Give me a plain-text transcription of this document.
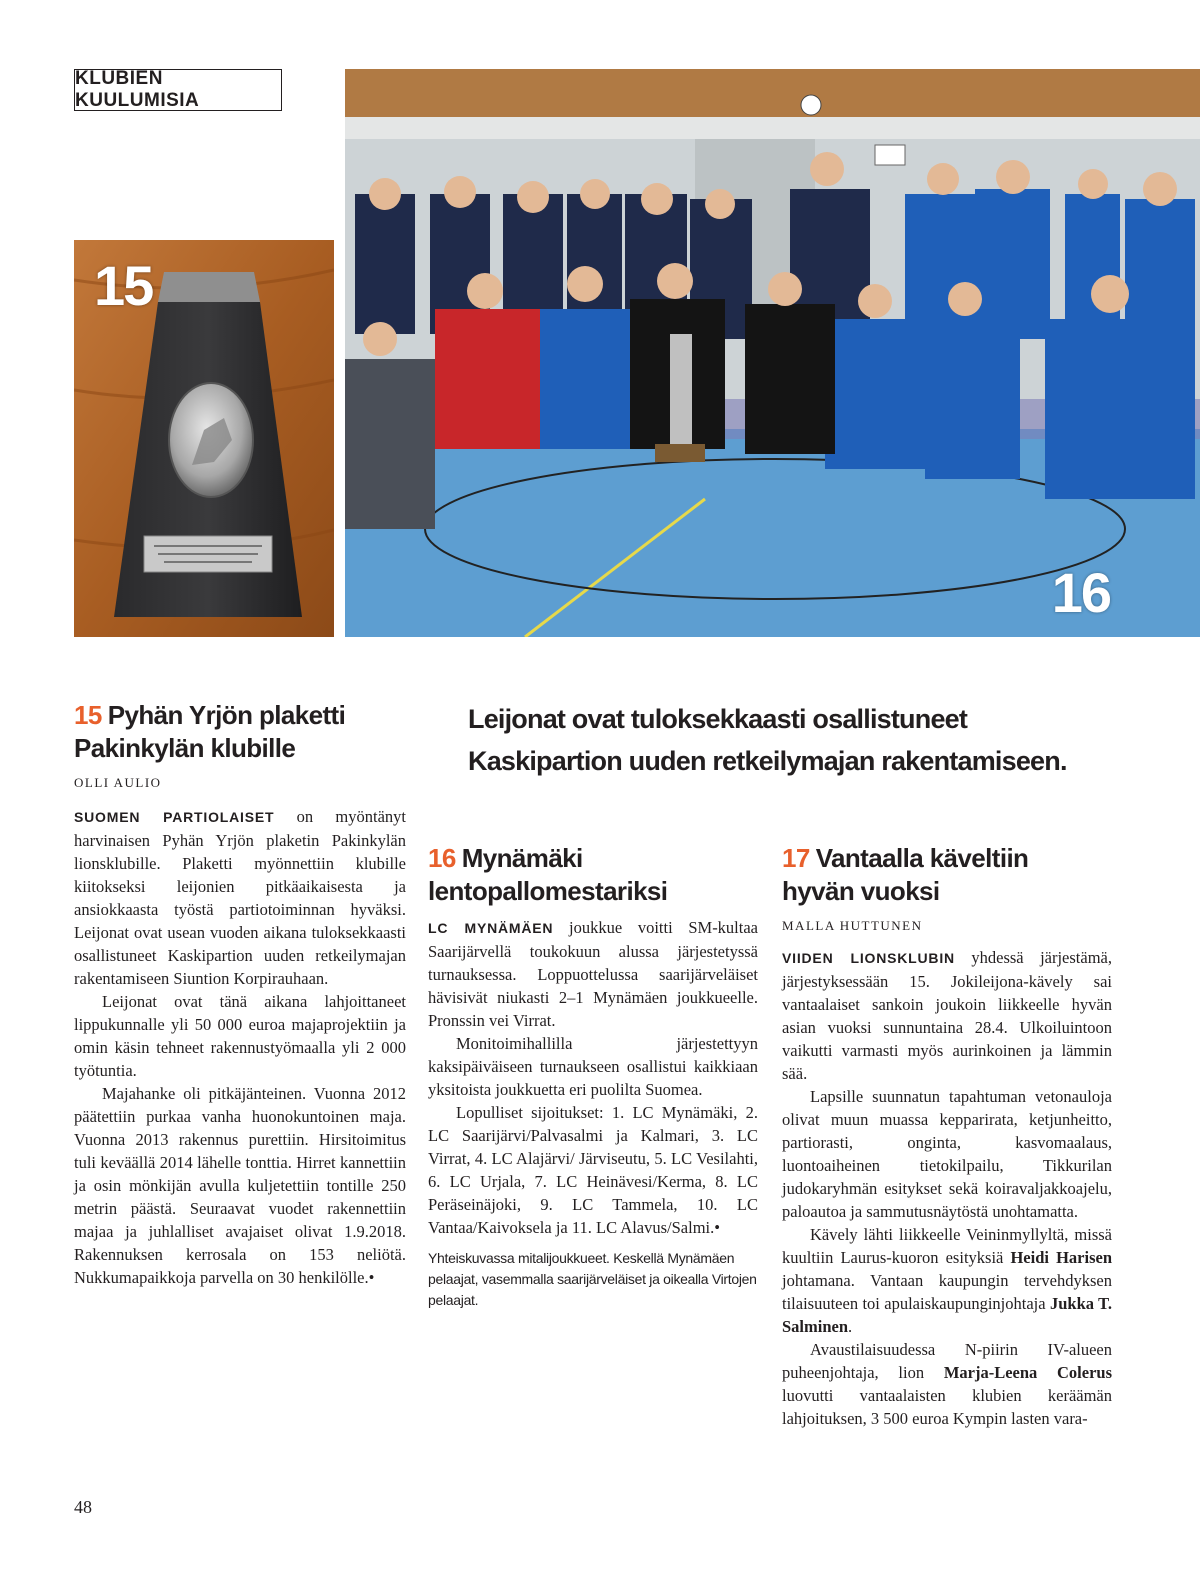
KLUBIEN KUULUMISIA
15
16
15 Pyhän Yrjön plaketti
Pakinkylän klubille
OLLI AULIO

SUOMEN PARTIOLAISET on myöntänyt harvinaisen Pyhän Yrjön plaketin Pakinkylän lionsklubille. Plaketti myönnettiin klubille kiitokseksi leijonien pitkäaikaisesta ja ansiokkaasta työstä partiotoiminnan hyväksi. Leijonat ovat usean vuoden aikana tuloksekkaasti osallistuneet Kaskipartion uuden retkeilymajan rakentamiseen Siuntion Korpirauhaan.

Leijonat ovat tänä aikana lahjoittaneet lippukunnalle yli 50 000 euroa majaprojektiin ja omin käsin tehneet rakennustyömaalla yli 2 000 työtuntia.

Majahanke oli pitkäjänteinen. Vuonna 2012 päätettiin purkaa vanha huonokuntoinen maja. Vuonna 2013 rakennus purettiin. Hirsitoimitus tuli keväällä 2014 lähelle tonttia. Hirret kannettiin ja osin mönkijän avulla kuljetettiin tontille 250 metrin päästä. Seuraavat vuodet rakennettiin majaa ja juhlalliset avajaiset olivat 1.9.2018. Rakennuksen kerrosala on 153 neliötä. Nukkumapaikkoja parvella on 30 henkilölle.•

Leijonat ovat tuloksekkaasti osallistuneet
Kaskipartion uuden retkeilymajan rakentamiseen.
16 Mynämäki
lentopallomestariksi

LC MYNÄMÄEN joukkue voitti SM-kultaa Saarijärvellä toukokuun alussa järjestetyssä turnauksessa. Loppuottelussa saarijärveläiset hävisivät niukasti 2–1 Mynämäen joukkueelle. Pronssin vei Virrat.

Monitoimihallilla järjestettyyn kaksipäiväiseen turnaukseen osallistui kaikkiaan yksitoista joukkuetta eri puolilta Suomea.

Lopulliset sijoitukset: 1. LC Mynämäki, 2. LC Saarijärvi/Palvasalmi ja Kalmari, 3. LC Virrat, 4. LC Alajärvi/ Järviseutu, 5. LC Vesilahti, 6. LC Urjala, 7. LC Heinävesi/Kerma, 8. LC Peräseinäjoki, 9. LC Tammela, 10. LC Vantaa/Kaivoksela ja 11. LC Alavus/Salmi.•

Yhteiskuvassa mitalijoukkueet. Keskellä Mynämäen pelaajat, vasemmalla saarijärveläiset ja oikealla Virtojen pelaajat.
17 Vantaalla käveltiin
hyvän vuoksi
MALLA HUTTUNEN

VIIDEN LIONSKLUBIN yhdessä järjestämä, järjestyksessään 15. Jokileijona-kävely sai vantaalaiset sankoin joukoin liikkeelle hyvän asian vuoksi sunnuntaina 28.4. Ulkoiluintoon vaikutti varmasti myös aurinkoinen ja lämmin sää.

Lapsille suunnatun tapahtuman vetonauloja olivat muun muassa kepparirata, ketjunheitto, partiorasti, onginta, kasvomaalaus, luontoaiheinen tietokilpailu, Tikkurilan judokaryhmän esitykset sekä koiravaljakkoajelu, paloautoa ja sammutusnäytöstä unohtamatta.

Kävely lähti liikkeelle Veininmyllyltä, missä kuultiin Laurus-kuoron esityksiä Heidi Harisen johtamana. Vantaan kaupungin tervehdyksen tilaisuuteen toi apulaiskaupunginjohtaja Jukka T. Salminen.

Avaustilaisuudessa N-piirin IV-alueen puheenjohtaja, lion Marja-Leena Colerus luovutti vantaalaisten klubien keräämän lahjoituksen, 3 500 euroa Kympin lasten vara-

48
